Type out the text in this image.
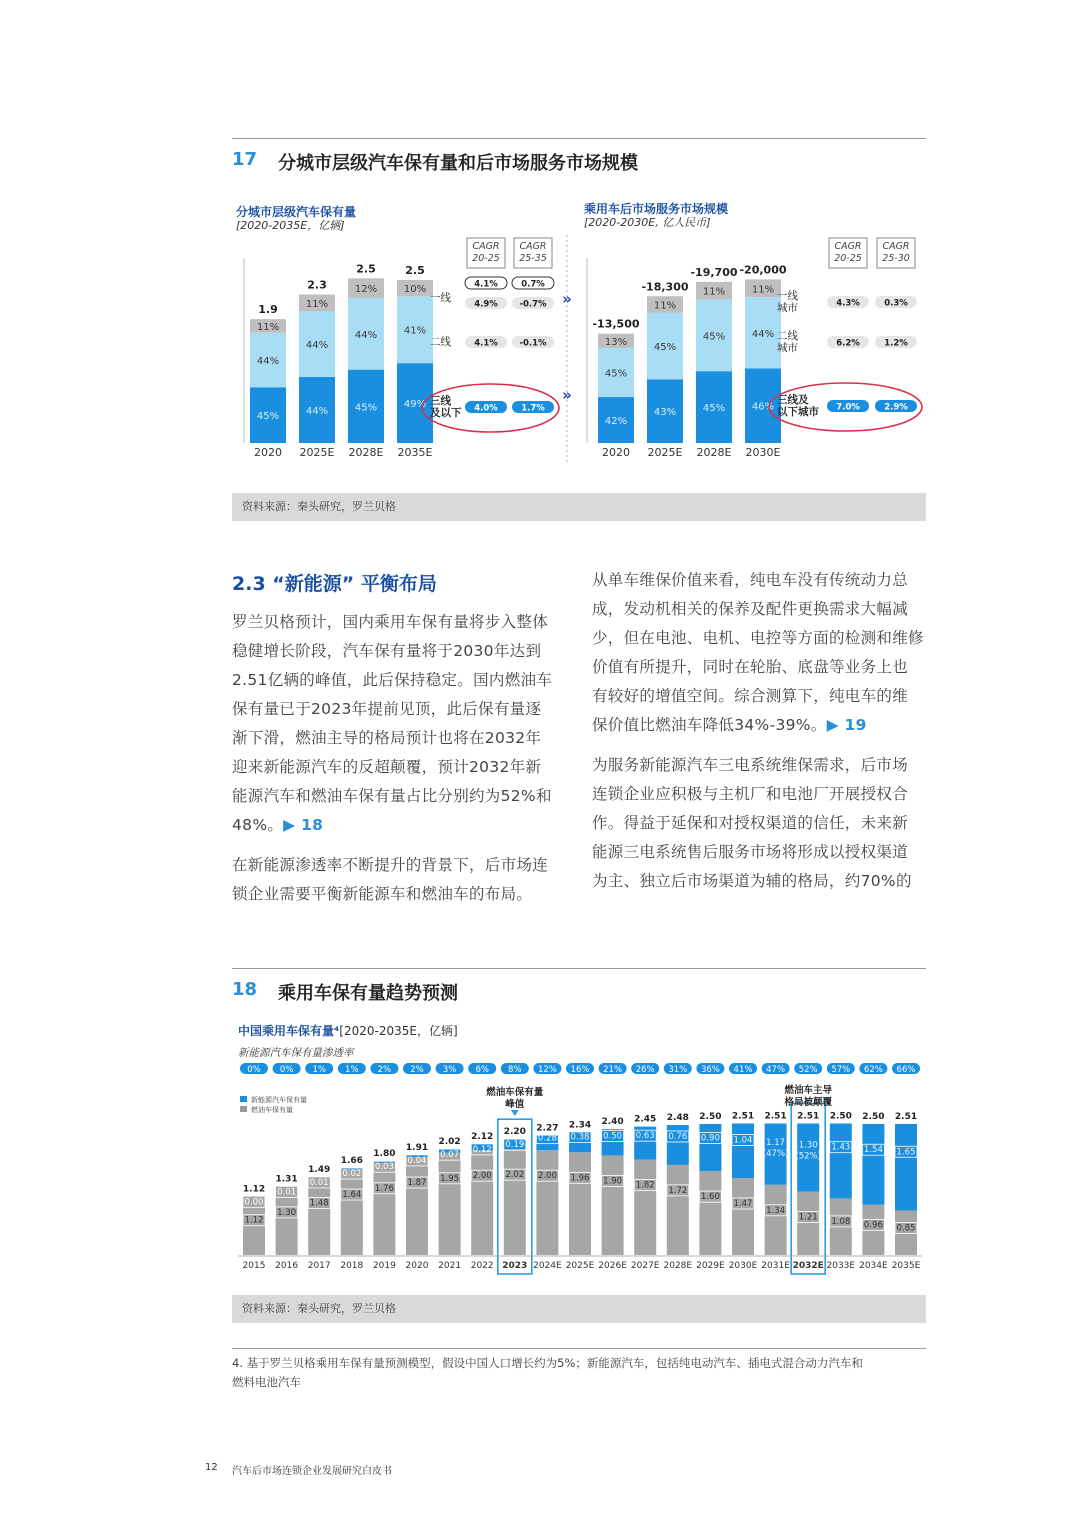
17 分城市层级汽车保有量和后市场服务市场规模
分城市层级汽车保有量
[2020-2035E，亿辆]
乘用车后市场服务市场规模
[2020-2030E, 亿人民币]
45%
44%
11%
1.9
2020
44%
44%
11%
2.3
2025E
45%
44%
12%
2.5
2028E
49%
41%
10%
2.5
2035E
CAGR
20-25
CAGR
25-35
一线
二线
三线
及以下
4.1%
4.9%
0.7%
-0.7%
4.1%	-0.1%
4.0%	1.7%
42%
45%
13%
-13,500
2020
43%
45%
11%
-18,300
2025E
45%
45%
11%
-19,700
2028E
46%
44%
11%
-20,000
2030E
CAGR
20-25
CAGR
25-30
一线
城市
二线
城市
三线及
以下城市
4.3%	0.3%
6.2%	1.2%
7.0%	2.9%
»
»
资料来源：秦头研究，罗兰贝格
2.3 “新能源” 平衡布局
罗兰贝格预计，国内乘用车保有量将步入整体
稳健增长阶段，汽车保有量将于2030年达到
2.51亿辆的峰值，此后保持稳定。国内燃油车
保有量已于2023年提前见顶，此后保有量逐
渐下滑，燃油主导的格局预计也将在2032年
迎来新能源汽车的反超颠覆，预计2032年新
能源汽车和燃油车保有量占比分别约为52%和
48%。▶ 18
在新能源渗透率不断提升的背景下，后市场连
锁企业需要平衡新能源车和燃油车的布局。
从单车维保价值来看，纯电车没有传统动力总
成，发动机相关的保养及配件更换需求大幅减
少，但在电池、电机、电控等方面的检测和维修
价值有所提升，同时在轮胎、底盘等业务上也
有较好的增值空间。综合测算下，纯电车的维
保价值比燃油车降低34%-39%。▶ 19
为服务新能源汽车三电系统维保需求，后市场
连锁企业应积极与主机厂和电池厂开展授权合
作。得益于延保和对授权渠道的信任，未来新
能源三电系统售后服务市场将形成以授权渠道
为主、独立后市场渠道为辅的格局，约70%的
18 乘用车保有量趋势预测
中国乘用车保有量⁴[2020-2035E，亿辆]
新能源汽车保有量渗透率
新能源汽车保有量
燃油车保有量
0%
1.12
0.00
1.12
2015
0%
1.30
0.01
1.31
2016
1%
1.48
0.01
1.49
2017
1%
1.64
0.02
1.66
2018
2%
1.76
0.03
1.80
2019
2%
1.87
0.04
1.91
2020
3%
1.95
0.07
2.02
2021
6%
2.00
0.12
2.12
2022
8%
2.02
0.19
2.20
2023
12%
2.00
0.28
2.27
2024E
16%
1.96
0.38
2.34
2025E
21%
1.90
0.50
2.40
2026E
26%
1.82
0.63
2.45
2027E
31%
1.72
0.76
2.48
2028E
36%
1.60
0.90
2.50
2029E
41%
1.47
1.04
2.51
2030E
47%
1.34
1.17
(47%)
2.51
2031E
52%
1.21
1.30
(52%)
2.51
2032E
57%
1.08
1.43
2.50
2033E
62%
0.96
1.54
2.50
2034E
66%
0.85
1.65
2.51
2035E
燃油车保有量
峰值
燃油车主导
格局被颠覆
资料来源：秦头研究，罗兰贝格
4. 基于罗兰贝格乘用车保有量预测模型，假设中国人口增长约为5%；新能源汽车，包括纯电动汽车、插电式混合动力汽车和
燃料电池汽车
12 汽车后市场连锁企业发展研究白皮书
